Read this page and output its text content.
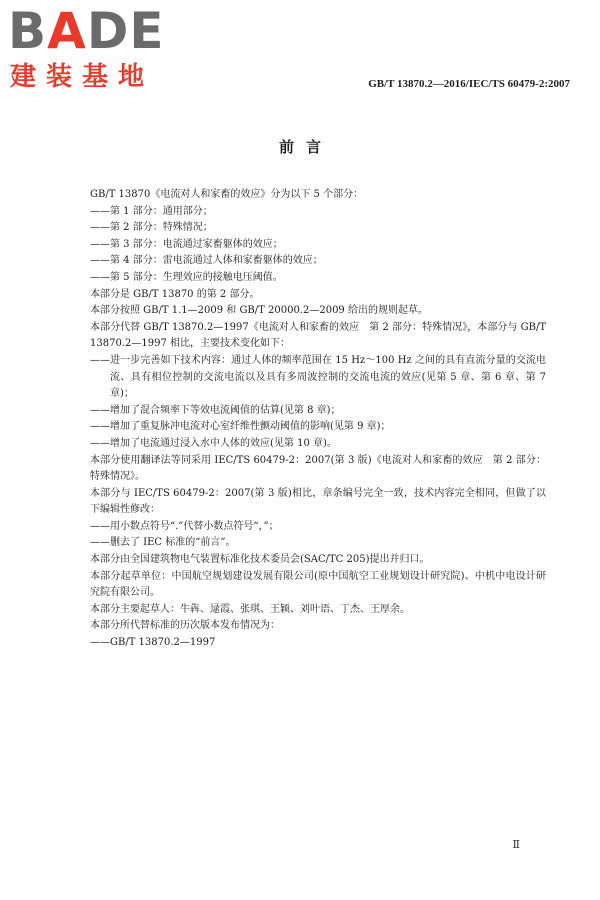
BADE
建装基地	GB/T 13870.2—2016/IEC/TS 60479-2:2007
前言

GB/T 13870《电流对人和家畜的效应》分为以下 5 个部分：

——第 1 部分：通用部分；

——第 2 部分：特殊情况；

——第 3 部分：电流通过家畜躯体的效应；

——第 4 部分：雷电流通过人体和家畜躯体的效应；

——第 5 部分：生理效应的接触电压阈值。

本部分是 GB/T 13870 的第 2 部分。

本部分按照 GB/T 1.1—2009 和 GB/T 20000.2—2009 给出的规则起草。

本部分代替 GB/T 13870.2—1997《电流对人和家畜的效应　第 2 部分：特殊情况》，本部分与 GB/T 13870.2—1997 相比，主要技术变化如下：

——进一步完善如下技术内容：通过人体的频率范围在 15 Hz～100 Hz 之间的具有直流分量的交流电流、具有相位控制的交流电流以及具有多周波控制的交流电流的效应(见第 5 章、第 6 章、第 7 章)；

——增加了混合频率下等效电流阈值的估算(见第 8 章)；

——增加了重复脉冲电流对心室纤维性颤动阈值的影响(见第 9 章)；

——增加了电流通过浸入水中人体的效应(见第 10 章)。

本部分使用翻译法等同采用 IEC/TS 60479-2：2007(第 3 版)《电流对人和家畜的效应　第 2 部分：特殊情况》。

本部分与 IEC/TS 60479-2：2007(第 3 版)相比，章条编号完全一致，技术内容完全相同，但做了以下编辑性修改：

——用小数点符号“.”代替小数点符号“，”；

——删去了 IEC 标准的“前言”。

本部分由全国建筑物电气装置标准化技术委员会(SAC/TC 205)提出并归口。

本部分起草单位：中国航空规划建设发展有限公司(原中国航空工业规划设计研究院)、中机中电设计研究院有限公司。

本部分主要起草人：牛犇、逯霞、张琪、王颖、刘叶语、丁杰、王厚余。

本部分所代替标准的历次版本发布情况为：

——GB/T 13870.2—1997

Ⅱ
